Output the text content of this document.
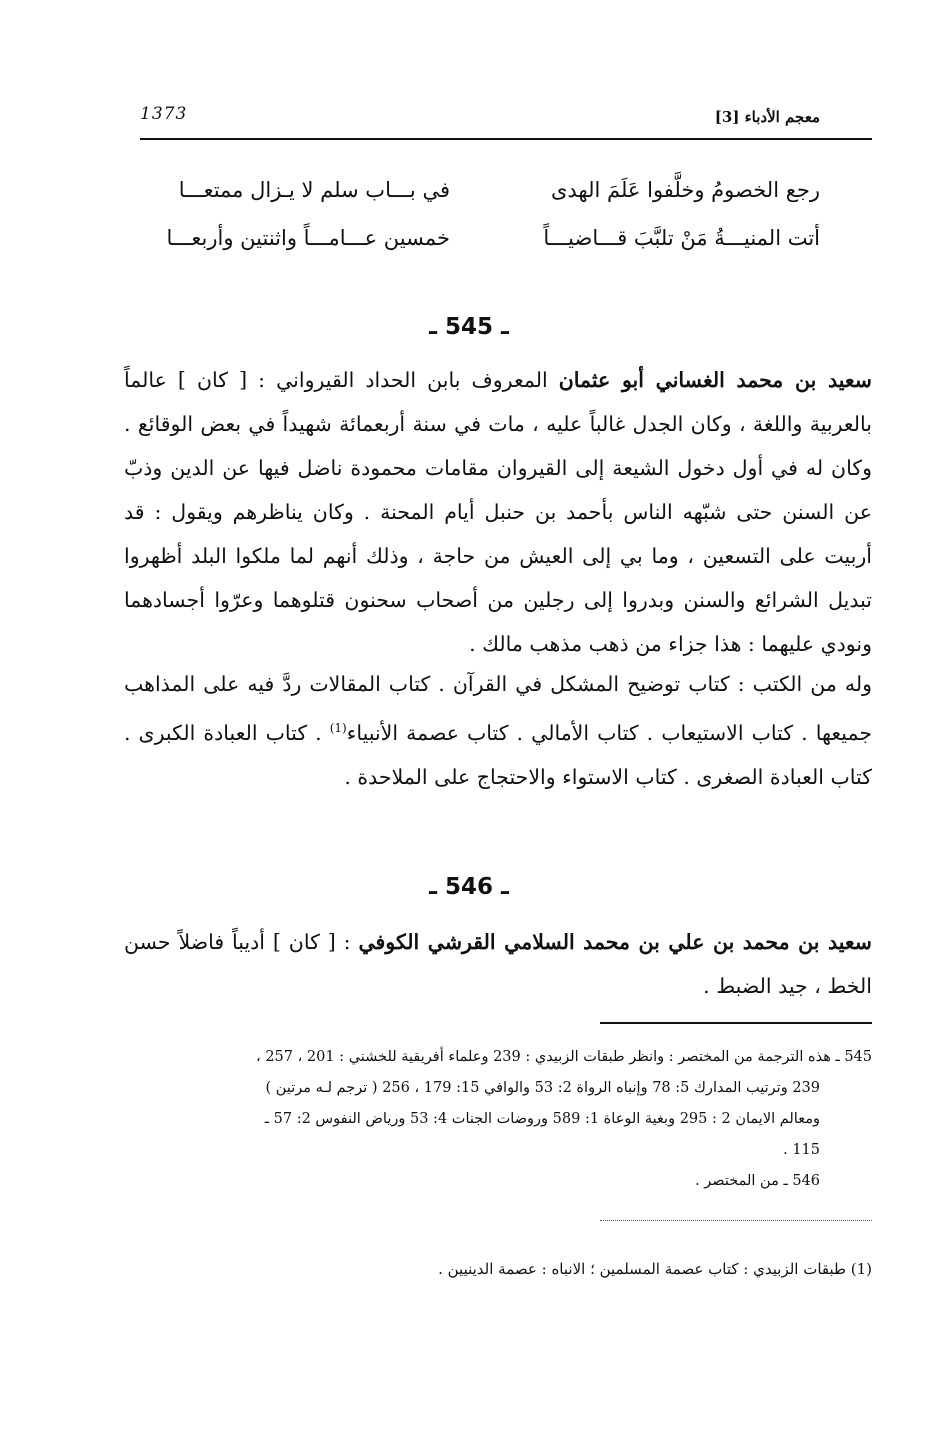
1373	معجم الأدباء [3]
رجع الخصومُ وخلَّفوا عَلَمَ الهدى
في بـــاب سلم لا يـزال ممتعـــا
أتت المنيـــةُ مَنْ تلبَّبَ قـــاضيـــاً
خمسين عـــامـــاً واثنتين وأربعـــا
ـ 545 ـ

سعيد بن محمد الغساني أبو عثمان المعروف بابن الحداد القيرواني : [ كان ] عالماً بالعربية واللغة ، وكان الجدل غالباً عليه ، مات في سنة أربعمائة شهيداً في بعض الوقائع . وكان له في أول دخول الشيعة إلى القيروان مقامات محمودة ناضل فيها عن الدين وذبّ عن السنن حتى شبّهه الناس بأحمد بن حنبل أيام المحنة . وكان يناظرهم ويقول : قد أربيت على التسعين ، وما بي إلى العيش من حاجة ، وذلك أنهم لما ملكوا البلد أظهروا تبديل الشرائع والسنن وبدروا إلى رجلين من أصحاب سحنون قتلوهما وعرّوا أجسادهما ونودي عليهما : هذا جزاء من ذهب مذهب مالك .

وله من الكتب : كتاب توضيح المشكل في القرآن . كتاب المقالات ردَّ فيه على المذاهب جميعها . كتاب الاستيعاب . كتاب الأمالي . كتاب عصمة الأنبياء$^{(1)}$ . كتاب العبادة الكبرى . كتاب العبادة الصغرى . كتاب الاستواء والاحتجاج على الملاحدة .

ـ 546 ـ

سعيد بن محمد بن علي بن محمد السلامي القرشي الكوفي : [ كان ] أديباً فاضلاً حسن الخط ، جيد الضبط .

545 ـ هذه الترجمة من المختصر : وانظر طبقات الزبيدي : 239 وعلماء أفريقية للخشني : 201 ، 257 ،
239 وترتيب المدارك 5: 78 وإنباه الرواة 2: 53 والوافي 15: 179 ، 256 ( ترجم لـه مرتين )
ومعالم الايمان 2 : 295 وبغية الوعاة 1: 589 وروضات الجنات 4: 53 ورياض النفوس 2: 57 ـ
115 .
546 ـ من المختصر .
(1) طبقات الزبيدي : كتاب عصمة المسلمين ؛ الانباه : عصمة الدينيين .
